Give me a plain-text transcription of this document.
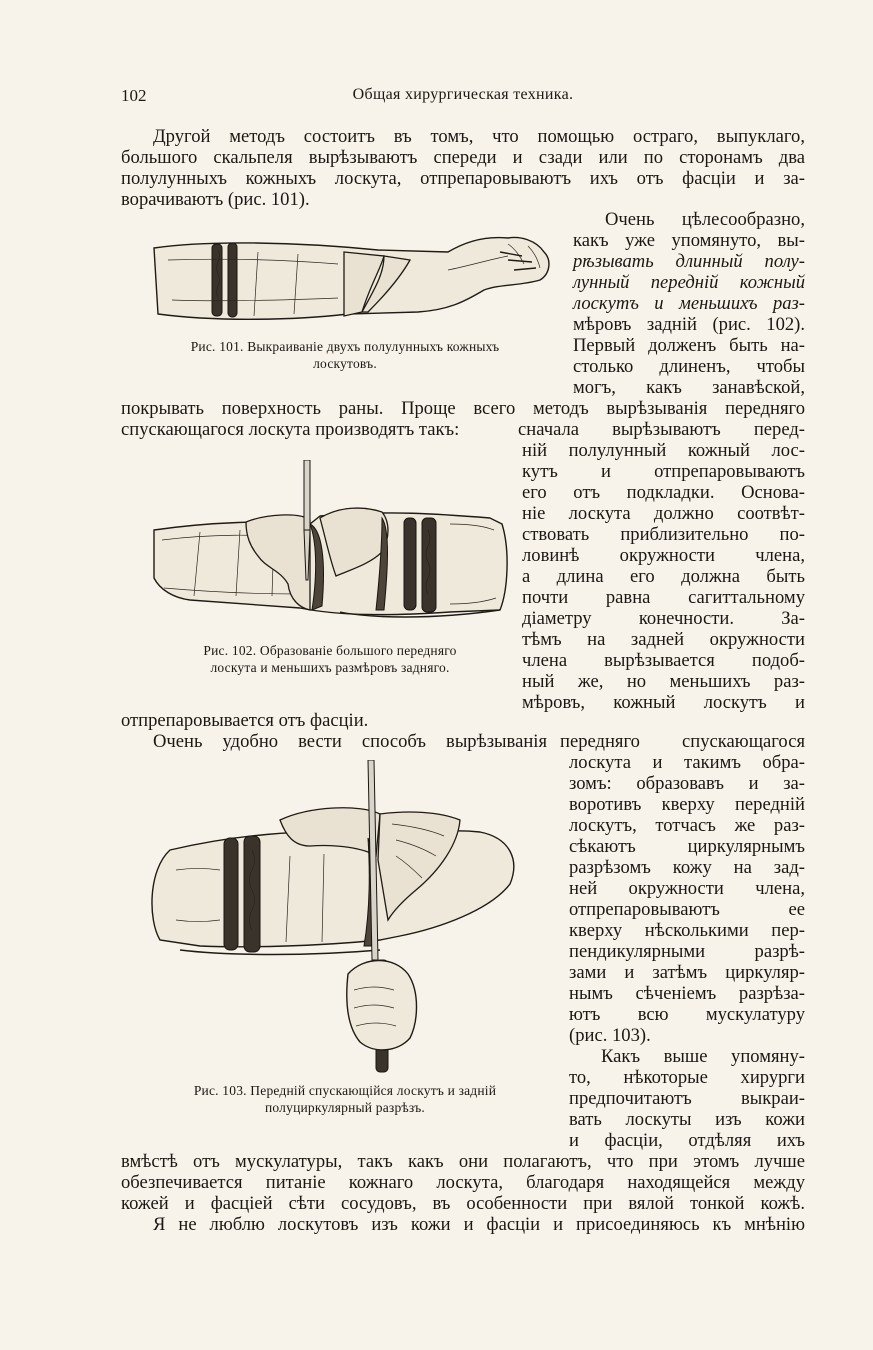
102	Общая хирургическая техника.
Другой методъ состоитъ въ томъ, что помощью остраго, выпуклаго,
большого скальпеля вырѣзываютъ спереди и сзади или по сторонамъ два
полулунныхъ кожныхъ лоскута, отпрепаровываютъ ихъ отъ фасціи и за-
ворачиваютъ (рис. 101).
Очень цѣлесообразно,
какъ уже упомянуто, вы-
рѣзывать длинный полу-
лунный передній кожный
лоскутъ и меньшихъ раз-
мѣровъ задній (рис. 102).
Первый долженъ быть на-
столько длиненъ, чтобы
могъ, какъ занавѣской,
Рис. 101. Выкраиваніе двухъ полулунныхъ кожныхъ
лоскутовъ.
покрывать поверхность раны. Проще всего методъ вырѣзыванія передняго
спускающагося лоскута производятъ такъ:	сначала вырѣзываютъ перед-
ній полулунный кожный лос-
кутъ и отпрепаровываютъ
его отъ подкладки. Основа-
ніе лоскута должно соотвѣт-
ствовать приблизительно по-
ловинѣ окружности члена,
а длина его должна быть
почти равна сагиттальному
діаметру конечности. За-
тѣмъ на задней окружности
члена вырѣзывается подоб-
ный же, но меньшихъ раз-
мѣровъ, кожный лоскутъ и
Рис. 102. Образованіе большого передняго
лоскута и меньшихъ размѣровъ задняго.
отпрепаровывается отъ фасціи.
Очень удобно вести способъ вырѣзыванія передняго спускающагося
лоскута и такимъ обра-
зомъ: образовавъ и за-
воротивъ кверху передній
лоскутъ, тотчасъ же раз-
сѣкаютъ циркулярнымъ
разрѣзомъ кожу на зад-
ней окружности члена,
отпрепаровываютъ ее
кверху нѣсколькими пер-
пендикулярными разрѣ-
зами и затѣмъ циркуляр-
нымъ сѣченіемъ разрѣза-
ютъ всю мускулатуру
(рис. 103).
Какъ выше упомяну-
то, нѣкоторые хирурги
предпочитаютъ выкраи-
вать лоскуты изъ кожи
и фасціи, отдѣляя ихъ
Рис. 103. Передній спускающійся лоскутъ и задній
полуциркулярный разрѣзъ.
вмѣстѣ отъ мускулатуры, такъ какъ они полагаютъ, что при этомъ лучше
обезпечивается питаніе кожнаго лоскута, благодаря находящейся между
кожей и фасціей сѣти сосудовъ, въ особенности при вялой тонкой кожѣ.
Я не люблю лоскутовъ изъ кожи и фасціи и присоединяюсь къ мнѣнію
